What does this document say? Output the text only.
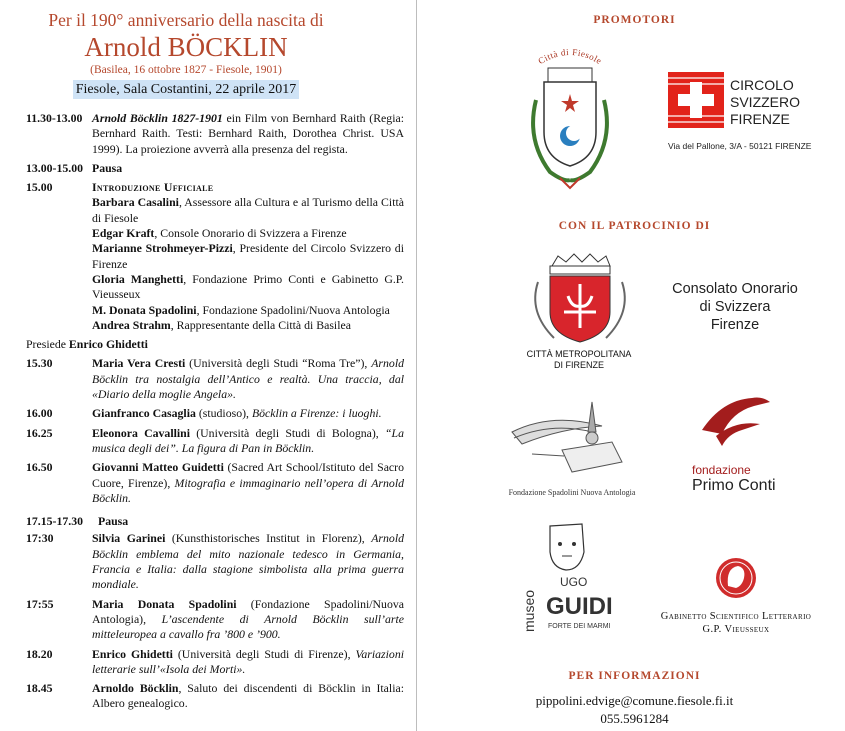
Per il 190° anniversario della nascita di
Arnold BÖCKLIN
(Basilea, 16 ottobre 1827 - Fiesole, 1901)
Fiesole, Sala Costantini, 22 aprile 2017
11.30-13.00 Arnold Böcklin 1827-1901 ein Film von Bernhard Raith (Regia: Bernhard Raith. Testi: Bernhard Raith, Dorothea Christ. USA 1999). La proiezione avverrà alla presenza del regista.
13.00-15.00 Pausa
15.00	Introduzione Ufficiale
Barbara Casalini, Assessore alla Cultura e al Turismo della Città di Fiesole
Edgar Kraft, Console Onorario di Svizzera a Firenze
Marianne Strohmeyer-Pizzi, Presidente del Circolo Svizzero di Firenze
Gloria Manghetti, Fondazione Primo Conti e Gabinetto G.P. Vieusseux
M. Donata Spadolini, Fondazione Spadolini/Nuova Antologia
Andrea Strahm, Rappresentante della Città di Basilea
Presiede Enrico Ghidetti
15.30	Maria Vera Cresti (Università degli Studi “Roma Tre”), Arnold Böcklin tra nostalgia dell’Antico e realtà. Una traccia, dal «Diario della moglie Angela».
16.00	Gianfranco Casaglia (studioso), Böcklin a Firenze: i luoghi.
16.25	Eleonora Cavallini (Università degli Studi di Bologna), “La musica degli dei”. La figura di Pan in Böcklin.
16.50	Giovanni Matteo Guidetti (Sacred Art School/Istituto del Sacro Cuore, Firenze), Mitografia e immaginario nell’opera di Arnold Böcklin.
17.15-17.30	Pausa
17:30	Silvia Garinei (Kunsthistorisches Institut in Florenz), Arnold Böcklin emblema del mito nazionale tedesco in Germania, Francia e Italia: dalla stagione simbolista alla prima guerra mondiale.
17:55	Maria Donata Spadolini (Fondazione Spadolini/Nuova Antologia), L’ascendente di Arnold Böcklin sull’arte mitteleuropea a cavallo fra ’800 e ’900.
18.20	Enrico Ghidetti (Università degli Studi di Firenze), Variazioni letterarie sull’«Isola dei Morti».
18.45	Arnoldo Böcklin, Saluto dei discendenti di Böcklin in Italia: Albero genealogico.
PROMOTORI
Città di Fiesole
CIRCOLO
SVIZZERO
FIRENZE
Via del Pallone, 3/A - 50121 FIRENZE
CON IL PATROCINIO DI
CITTÀ METROPOLITANA
DI FIRENZE
Consolato Onorario
di Svizzera
Firenze
Fondazione Spadolini Nuova Antologia
fondazione
Primo Conti
museo
UGO
GUIDI
FORTE DEI MARMI
Gabinetto Scientifico Letterario
G.P. Vieusseux
PER INFORMAZIONI
pippolini.edvige@comune.fiesole.fi.it
055.5961284
